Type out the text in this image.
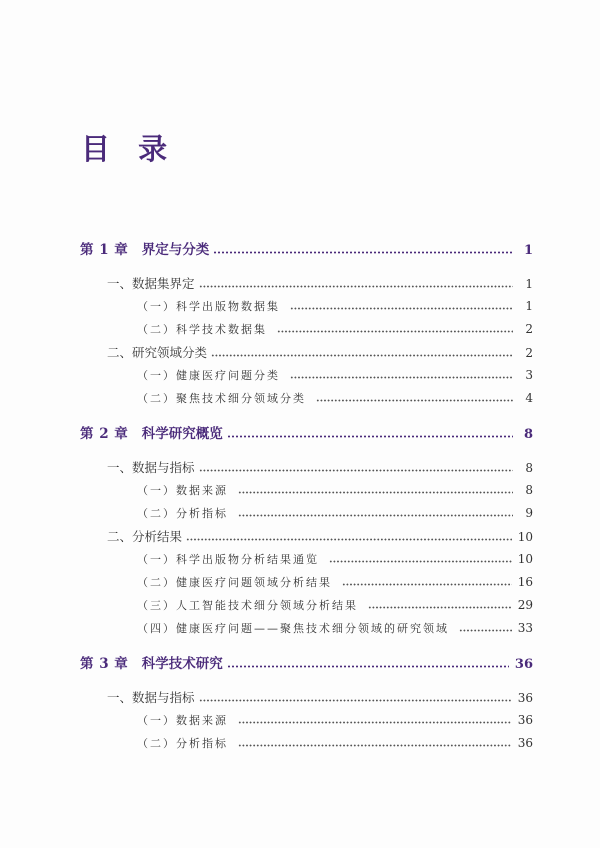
目 录
第 1 章 界定与分类	1
一、数据集界定	1
（一）科学出版物数据集	1
（二）科学技术数据集	2
二、研究领域分类	2
（一）健康医疗问题分类	3
（二）聚焦技术细分领域分类	4
第 2 章 科学研究概览	8
一、数据与指标	8
（一）数据来源	8
（二）分析指标	9
二、分析结果	10
（一）科学出版物分析结果通览	10
（二）健康医疗问题领域分析结果	16
（三）人工智能技术细分领域分析结果	29
（四）健康医疗问题——聚焦技术细分领域的研究领域	33
第 3 章 科学技术研究	36
一、数据与指标	36
（一）数据来源	36
（二）分析指标	36
